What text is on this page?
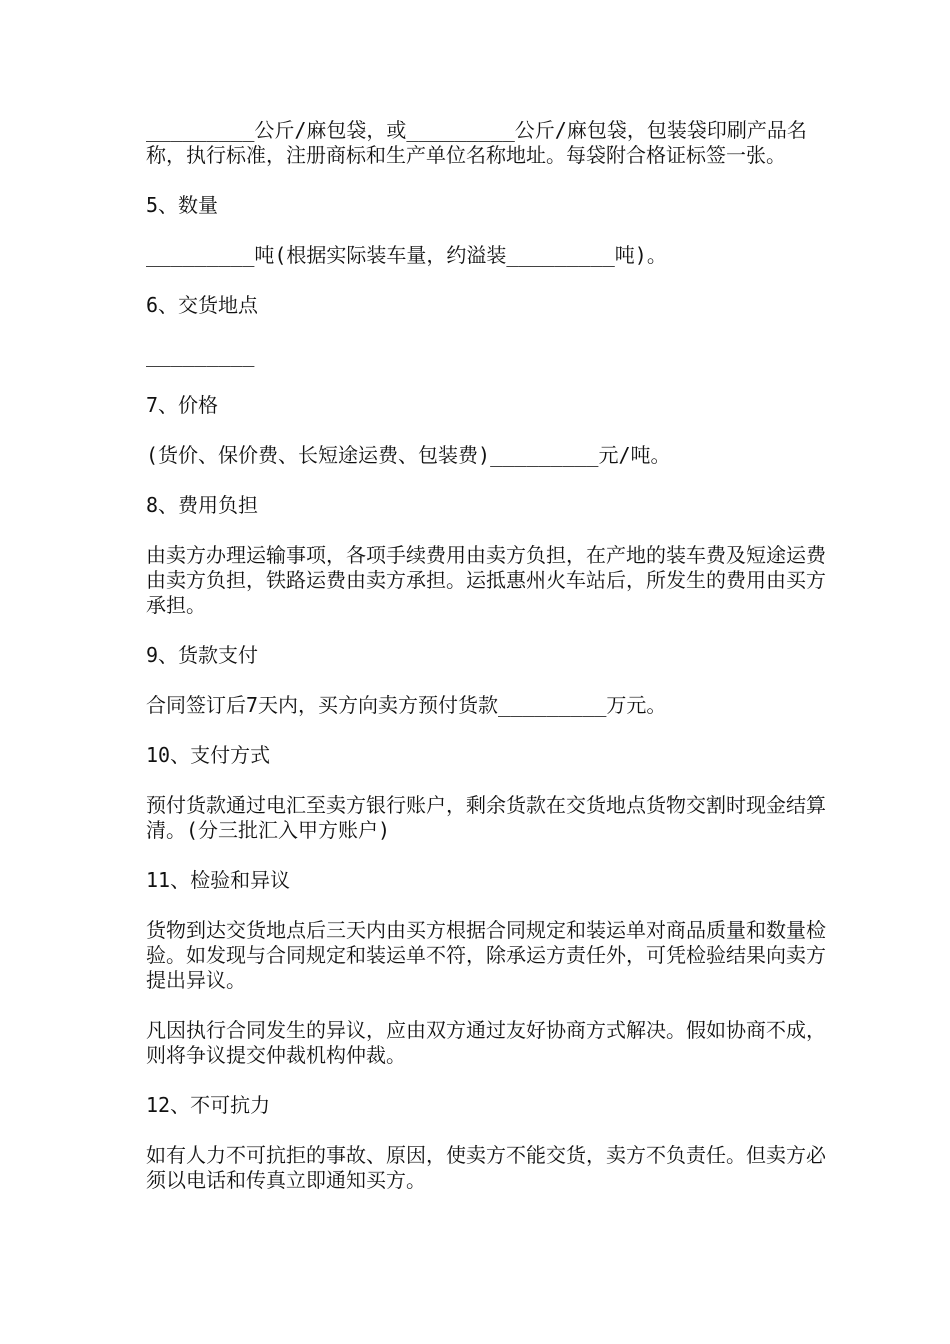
_________公斤/麻包袋，或_________公斤/麻包袋，包装袋印刷产品名称，执行标准，注册商标和生产单位名称地址。每袋附合格证标签一张。

5、数量

_________吨(根据实际装车量，约溢装_________吨)。

6、交货地点

_________

7、价格

(货价、保价费、长短途运费、包装费)_________元/吨。

8、费用负担

由卖方办理运输事项，各项手续费用由卖方负担，在产地的装车费及短途运费由卖方负担，铁路运费由卖方承担。运抵惠州火车站后，所发生的费用由买方承担。

9、货款支付

合同签订后7天内，买方向卖方预付货款_________万元。

10、支付方式

预付货款通过电汇至卖方银行账户，剩余货款在交货地点货物交割时现金结算清。(分三批汇入甲方账户)

11、检验和异议

货物到达交货地点后三天内由买方根据合同规定和装运单对商品质量和数量检验。如发现与合同规定和装运单不符，除承运方责任外，可凭检验结果向卖方提出异议。

凡因执行合同发生的异议，应由双方通过友好协商方式解决。假如协商不成，则将争议提交仲裁机构仲裁。

12、不可抗力

如有人力不可抗拒的事故、原因，使卖方不能交货，卖方不负责任。但卖方必须以电话和传真立即通知买方。
